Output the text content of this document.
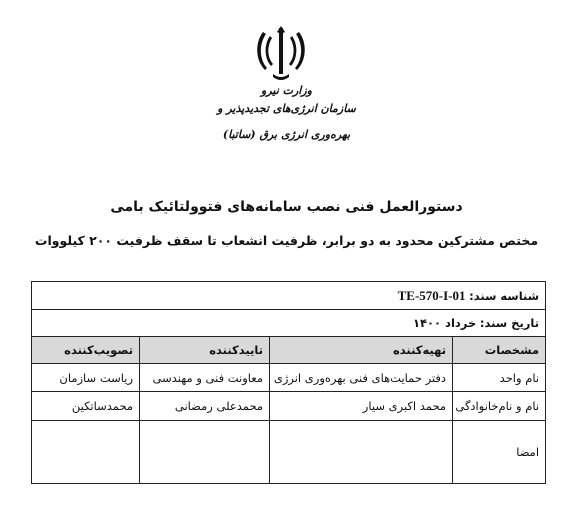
وزارت نیرو
سازمان انرژی‌های تجدیدپذیر و
بهره‌وری انرژی برق (ساتبا)
دستورالعمل فنی نصب سامانه‌های فتوولتائیک بامی
مختص مشترکین محدود به دو برابر، ظرفیت انشعاب تا سقف ظرفیت ۲۰۰ کیلووات
شناسه سند: TE-570-I-01			
تاریخ سند: خرداد ۱۴۰۰			
مشخصات	تهیه‌کننده	تاییدکننده	تصویب‌کننده
نام واحد	دفتر حمایت‌های فنی بهره‌وری انرژی	معاونت فنی و مهندسی	ریاست سازمان
نام و نام‌خانوادگی	محمد اکبری سیار	محمدعلی رمضانی	محمدساتکین
امضا			
